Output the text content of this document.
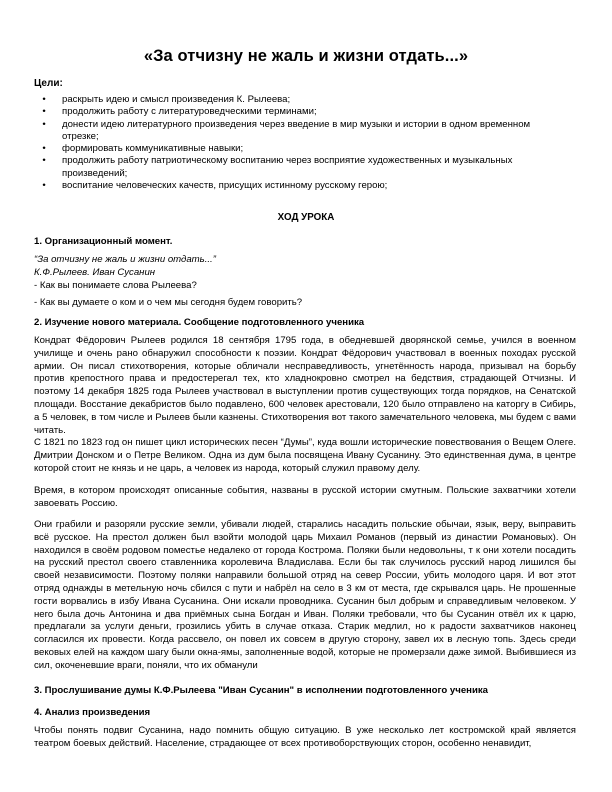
«За отчизну не жаль и жизни отдать...»
Цели:
•	раскрыть идею и смысл произведения К. Рылеева;
•	продолжить работу с литературоведческими терминами;
•	донести идею литературного произведения через введение в мир музыки и истории в одном временном отрезке;
•	формировать коммуникативные навыки;
•	продолжить работу патриотическому воспитанию через восприятие художественных и музыкальных произведений;
•	воспитание человеческих качеств, присущих истинному русскому герою;
ХОД УРОКА
1. Организационный момент.
“За отчизну не жаль и жизни отдать...”
К.Ф.Рылеев. Иван Сусанин
- Как вы понимаете слова Рылеева?
- Как вы думаете о ком и о чем мы сегодня будем говорить?
2. Изучение нового материала. Сообщение подготовленного ученика
Кондрат Фёдорович Рылеев родился 18 сентября 1795 года, в обедневшей дворянской семье, учился в военном училище и очень рано обнаружил способности к поэзии. Кондрат Фёдорович участвовал в военных походах русской армии. Он писал стихотворения, которые обличали несправедливость, угнетённость народа, призывал на борьбу против крепостного права и предостерегал тех, кто хладнокровно смотрел на бедствия, страдающей Отчизны. И поэтому 14 декабря 1825 года Рылеев участвовал в выступлении против существующих тогда порядков, на Сенатской площади. Восстание декабристов было подавлено, 600 человек арестовали, 120 было отправлено на каторгу в Сибирь, а 5 человек, в том числе и Рылеев были казнены. Стихотворения вот такого замечательного человека, мы будем с вами читать.
С 1821 по 1823 год он пишет цикл исторических песен “Думы”, куда вошли исторические повествования о Вещем Олеге. Дмитрии Донском и о Петре Великом. Одна из дум была посвящена Ивану Сусанину. Это единственная дума, в центре которой стоит не князь и не царь, а человек из народа, который служил правому делу.
Время, в котором происходят описанные события, названы в русской истории смутным. Польские захватчики хотели завоевать Россию.
Они грабили и разоряли русские земли, убивали людей, старались насадить польские обычаи, язык, веру, выправить всё русское. На престол должен был взойти молодой царь Михаил Романов (первый из династии Романовых). Он находился в своём родовом поместье недалеко от города Кострома. Поляки были недовольны, т к они хотели посадить на русский престол своего ставленника королевича Владислава. Если бы так случилось русский народ лишился бы своей независимости. Поэтому поляки направили большой отряд на север России, убить молодого царя. И вот этот отряд однажды в метельную ночь сбился с пути и набрёл на село в 3 км от места, где скрывался царь. Не прошенные гости ворвались в избу Ивана Сусанина. Они искали проводника. Сусанин был добрым и справедливым человеком. У него была дочь Антонина и два приёмных сына Богдан и Иван. Поляки требовали, что бы Сусанин отвёл их к царю, предлагали за услуги деньги, грозились убить в случае отказа. Старик медлил, но к радости захватчиков наконец согласился их провести. Когда рассвело, он повел их совсем в другую сторону, завел их в лесную топь. Здесь среди вековых елей на каждом шагу были окна-ямы, заполненные водой, которые не промерзали даже зимой. Выбившиеся из сил, окоченевшие враги, поняли, что их обманули
3. Прослушивание думы К.Ф.Рылеева "Иван Сусанин" в исполнении подготовленного ученика
4. Анализ произведения
Чтобы понять подвиг Сусанина, надо помнить общую ситуацию. В уже несколько лет костромской край является театром боевых действий. Население, страдающее от всех противоборствующих сторон, особенно ненавидит,
